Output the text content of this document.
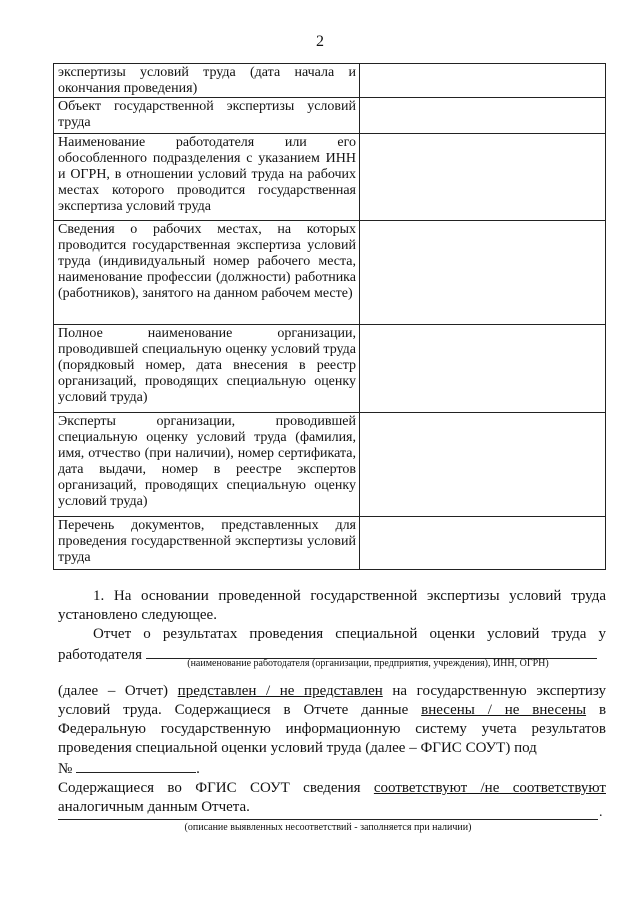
2
экспертизы условий труда (дата начала и окончания проведения)	
Объект государственной экспертизы условий труда	
Наименование работодателя или его обособленного подразделения с указанием ИНН и ОГРН, в отношении условий труда на рабочих местах которого проводится государственная экспертиза условий труда	
Сведения о рабочих местах, на которых проводится государственная экспертиза условий труда (индивидуальный номер рабочего места, наименование профессии (должности) работника (работников), занятого на данном рабочем месте)	
Полное наименование организации, проводившей специальную оценку условий труда (порядковый номер, дата внесения в реестр организаций, проводящих специальную оценку условий труда)	
Эксперты организации, проводившей специальную оценку условий труда (фамилия, имя, отчество (при наличии), номер сертификата, дата выдачи, номер в реестре экспертов организаций, проводящих специальную оценку условий труда)	
Перечень документов, представленных для проведения государственной экспертизы условий труда	
1. На основании проведенной государственной экспертизы условий труда установлено следующее.
Отчет о результатах проведения специальной оценки условий труда у работодателя
(наименование работодателя (организации, предприятия, учреждения), ИНН, ОГРН)
(далее – Отчет) представлен / не представлен на государственную экспертизу условий труда. Содержащиеся в Отчете данные внесены / не внесены в Федеральную государственную информационную систему учета результатов проведения специальной оценки условий труда (далее – ФГИС СОУТ) под
№	.
Содержащиеся во ФГИС СОУТ сведения соответствуют /не соответствуют аналогичным данным Отчета.	.
(описание выявленных несоответствий - заполняется при наличии)
